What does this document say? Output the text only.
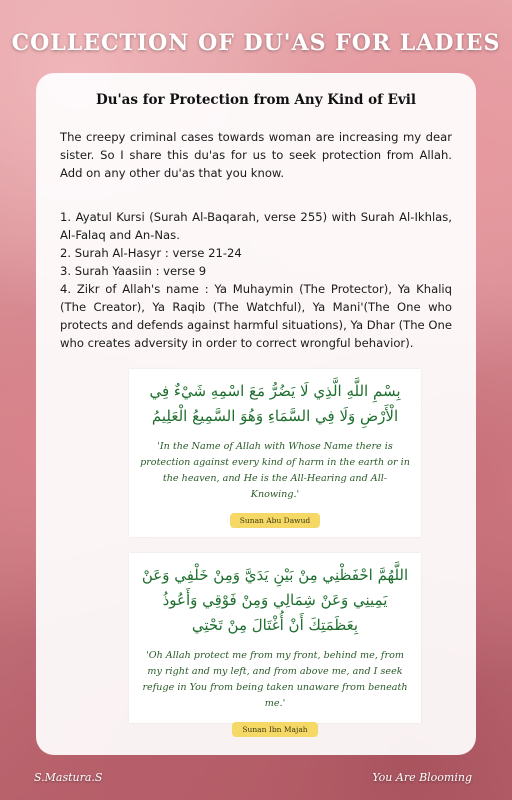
COLLECTION OF DU'AS FOR LADIES
Du'as for Protection from Any Kind of Evil
The creepy criminal cases towards woman are increasing my dear sister. So I share this du'as for us to seek protection from Allah. Add on any other du'as that you know.
1. Ayatul Kursi (Surah Al-Baqarah, verse 255) with Surah Al-Ikhlas, Al-Falaq and An-Nas.
2. Surah Al-Hasyr : verse 21-24
3. Surah Yaasiin : verse 9
4. Zikr of Allah's name : Ya Muhaymin (The Protector), Ya Khaliq (The Creator), Ya Raqib (The Watchful), Ya Mani'(The One who protects and defends against harmful situations), Ya Dhar (The One who creates adversity in order to correct wrongful behavior).
بِسْمِ اللَّهِ الَّذِي لَا يَضُرُّ مَعَ اسْمِهِ شَيْءٌ فِي الْأَرْضِ وَلَا فِي السَّمَاءِ وَهُوَ السَّمِيعُ الْعَلِيمُ
'In the Name of Allah with Whose Name there is protection against every kind of harm in the earth or in the heaven, and He is the All-Hearing and All- Knowing.'
Sunan Abu Dawud
اللَّهُمَّ احْفَظْنِي مِنْ بَيْنِ يَدَيَّ وَمِنْ خَلْفِي وَعَنْ يَمِينِي وَعَنْ شِمَالِي وَمِنْ فَوْقِي وَأَعُوذُ بِعَظَمَتِكَ أَنْ أُغْتَالَ مِنْ تَحْتِي
'Oh Allah protect me from my front, behind me, from my right and my left, and from above me, and I seek refuge in You from being taken unaware from beneath me.'
Sunan Ibn Majah
S.Mastura.S	You Are Blooming
